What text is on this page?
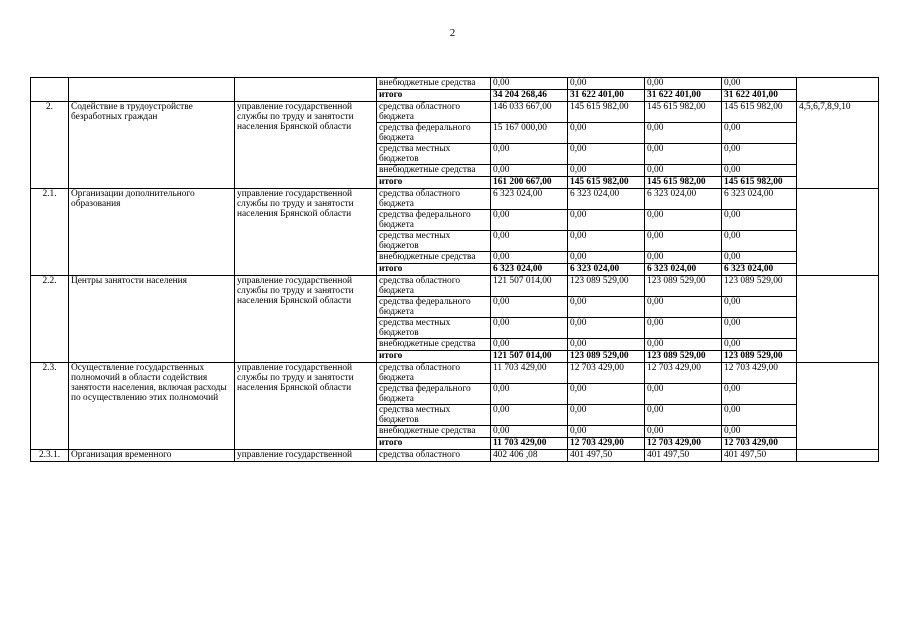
2
			внебюджетные средства	0,00	0,00	0,00	0,00	
			итого	34 204 268,46	31 622 401,00	31 622 401,00	31 622 401,00	
2.	Содействие в трудоустройстве безработных граждан	управление государственной службы по труду и занятости населения Брянской области	средства областного бюджета	146 033 667,00	145 615 982,00	145 615 982,00	145 615 982,00	4,5,6,7,8,9,10
			средства федерального бюджета	15 167 000,00	0,00	0,00	0,00	
			средства местных бюджетов	0,00	0,00	0,00	0,00	
			внебюджетные средства	0,00	0,00	0,00	0,00	
			итого	161 200 667,00	145 615 982,00	145 615 982,00	145 615 982,00	
2.1.	Организации дополнительного образования	управление государственной службы по труду и занятости населения Брянской области	средства областного бюджета	6 323 024,00	6 323 024,00	6 323 024,00	6 323 024,00	
			средства федерального бюджета	0,00	0,00	0,00	0,00	
			средства местных бюджетов	0,00	0,00	0,00	0,00	
			внебюджетные средства	0,00	0,00	0,00	0,00	
			итого	6 323 024,00	6 323 024,00	6 323 024,00	6 323 024,00	
2.2.	Центры занятости населения	управление государственной службы по труду и занятости населения Брянской области	средства областного бюджета	121 507 014,00	123 089 529,00	123 089 529,00	123 089 529,00	
			средства федерального бюджета	0,00	0,00	0,00	0,00	
			средства местных бюджетов	0,00	0,00	0,00	0,00	
			внебюджетные средства	0,00	0,00	0,00	0,00	
			итого	121 507 014,00	123 089 529,00	123 089 529,00	123 089 529,00	
2.3.	Осуществление государственных полномочий в области содействия занятости населения, включая расходы по осуществлению этих полномочий	управление государственной службы по труду и занятости населения Брянской области	средства областного бюджета	11 703 429,00	12 703 429,00	12 703 429,00	12 703 429,00	
			средства федерального бюджета	0,00	0,00	0,00	0,00	
			средства местных бюджетов	0,00	0,00	0,00	0,00	
			внебюджетные средства	0,00	0,00	0,00	0,00	
			итого	11 703 429,00	12 703 429,00	12 703 429,00	12 703 429,00	
2.3.1.	Организация временного	управление государственной	средства областного	402 406 ,08	401 497,50	401 497,50	401 497,50	
